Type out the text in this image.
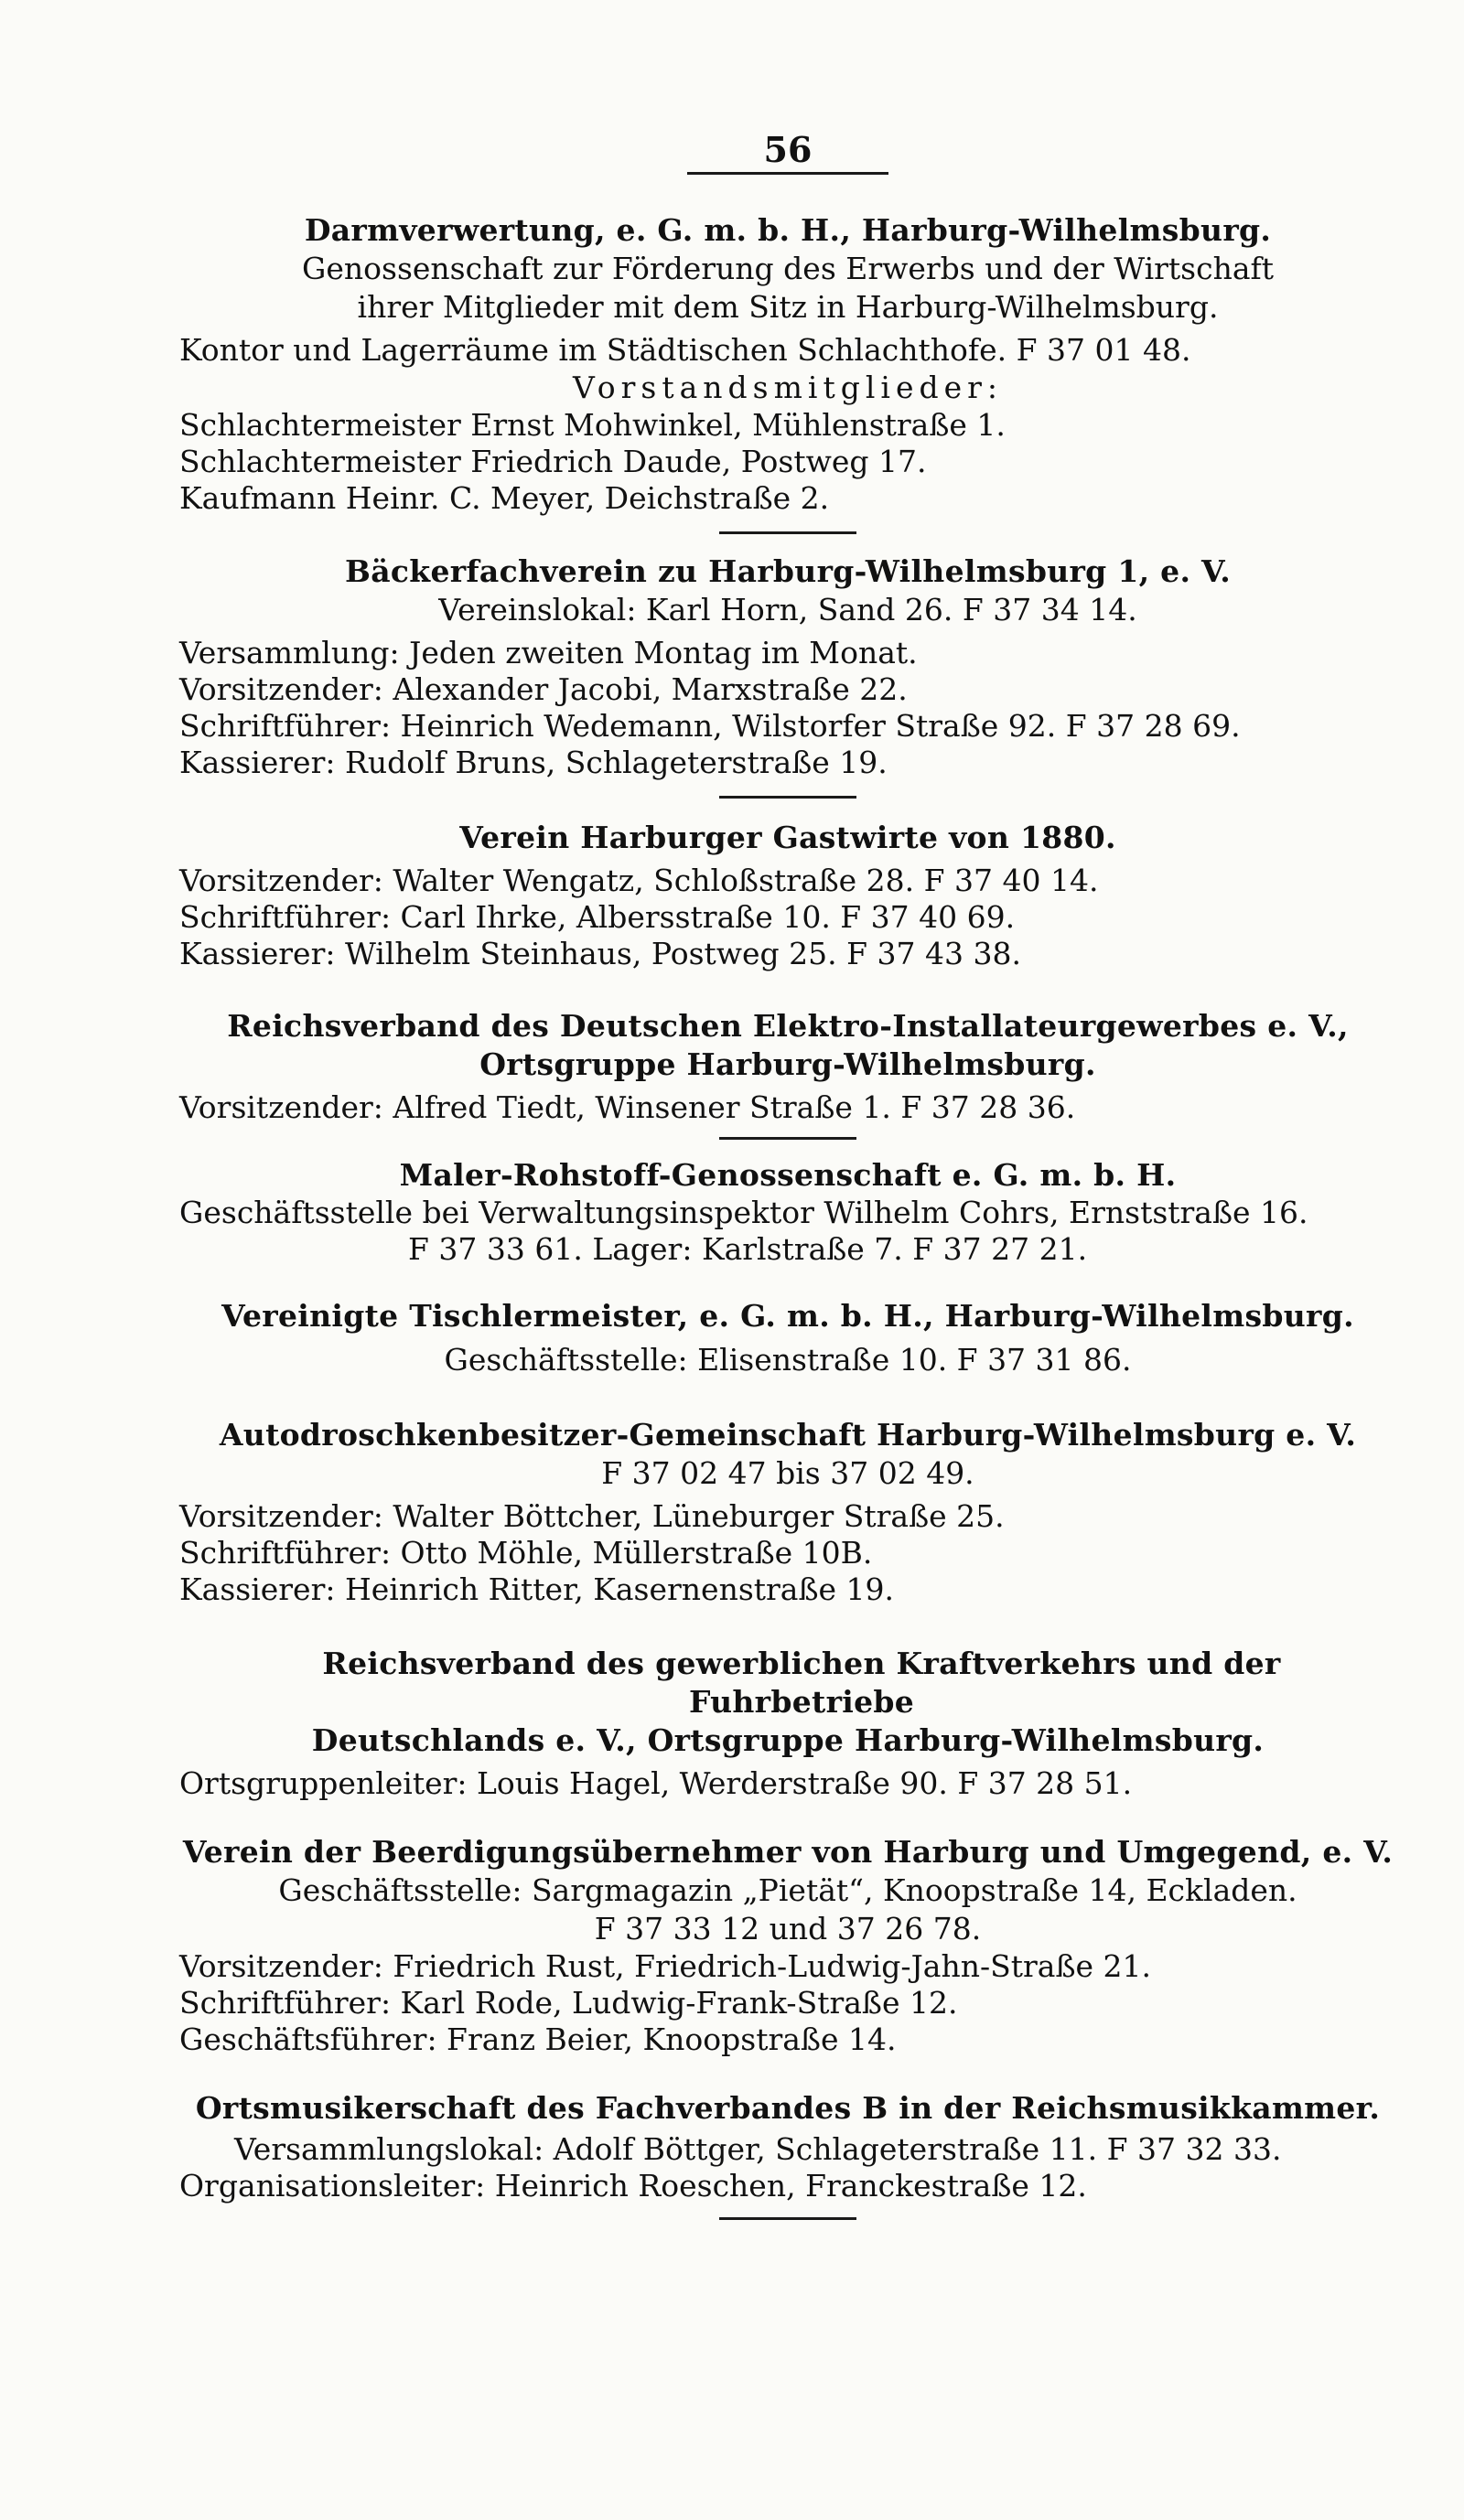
56
Darmverwertung, e. G. m. b. H., Harburg-Wilhelmsburg.
Genossenschaft zur Förderung des Erwerbs und der Wirtschaft
ihrer Mitglieder mit dem Sitz in Harburg-Wilhelmsburg.
Kontor und Lagerräume im Städtischen Schlachthofe. F 37 01 48.
Vorstandsmitglieder:
Schlachtermeister Ernst Mohwinkel, Mühlenstraße 1.
Schlachtermeister Friedrich Daude, Postweg 17.
Kaufmann Heinr. C. Meyer, Deichstraße 2.
Bäckerfachverein zu Harburg-Wilhelmsburg 1, e. V.
Vereinslokal: Karl Horn, Sand 26. F 37 34 14.
Versammlung: Jeden zweiten Montag im Monat.
Vorsitzender: Alexander Jacobi, Marxstraße 22.
Schriftführer: Heinrich Wedemann, Wilstorfer Straße 92. F 37 28 69.
Kassierer: Rudolf Bruns, Schlageterstraße 19.
Verein Harburger Gastwirte von 1880.
Vorsitzender: Walter Wengatz, Schloßstraße 28. F 37 40 14.
Schriftführer: Carl Ihrke, Albersstraße 10. F 37 40 69.
Kassierer: Wilhelm Steinhaus, Postweg 25. F 37 43 38.
Reichsverband des Deutschen Elektro-Installateurgewerbes e. V.,
Ortsgruppe Harburg-Wilhelmsburg.
Vorsitzender: Alfred Tiedt, Winsener Straße 1. F 37 28 36.
Maler-Rohstoff-Genossenschaft e. G. m. b. H.
Geschäftsstelle bei Verwaltungsinspektor Wilhelm Cohrs, Ernststraße 16.
F 37 33 61. Lager: Karlstraße 7. F 37 27 21.
Vereinigte Tischlermeister, e. G. m. b. H., Harburg-Wilhelmsburg.
Geschäftsstelle: Elisenstraße 10. F 37 31 86.
Autodroschkenbesitzer-Gemeinschaft Harburg-Wilhelmsburg e. V.
F 37 02 47 bis 37 02 49.
Vorsitzender: Walter Böttcher, Lüneburger Straße 25.
Schriftführer: Otto Möhle, Müllerstraße 10B.
Kassierer: Heinrich Ritter, Kasernenstraße 19.
Reichsverband des gewerblichen Kraftverkehrs und der Fuhrbetriebe
Deutschlands e. V., Ortsgruppe Harburg-Wilhelmsburg.
Ortsgruppenleiter: Louis Hagel, Werderstraße 90. F 37 28 51.
Verein der Beerdigungsübernehmer von Harburg und Umgegend, e. V.
Geschäftsstelle: Sargmagazin „Pietät“, Knoopstraße 14, Eckladen.
F 37 33 12 und 37 26 78.
Vorsitzender: Friedrich Rust, Friedrich-Ludwig-Jahn-Straße 21.
Schriftführer: Karl Rode, Ludwig-Frank-Straße 12.
Geschäftsführer: Franz Beier, Knoopstraße 14.
Ortsmusikerschaft des Fachverbandes B in der Reichsmusikkammer.
Versammlungslokal: Adolf Böttger, Schlageterstraße 11. F 37 32 33.
Organisationsleiter: Heinrich Roeschen, Franckestraße 12.
